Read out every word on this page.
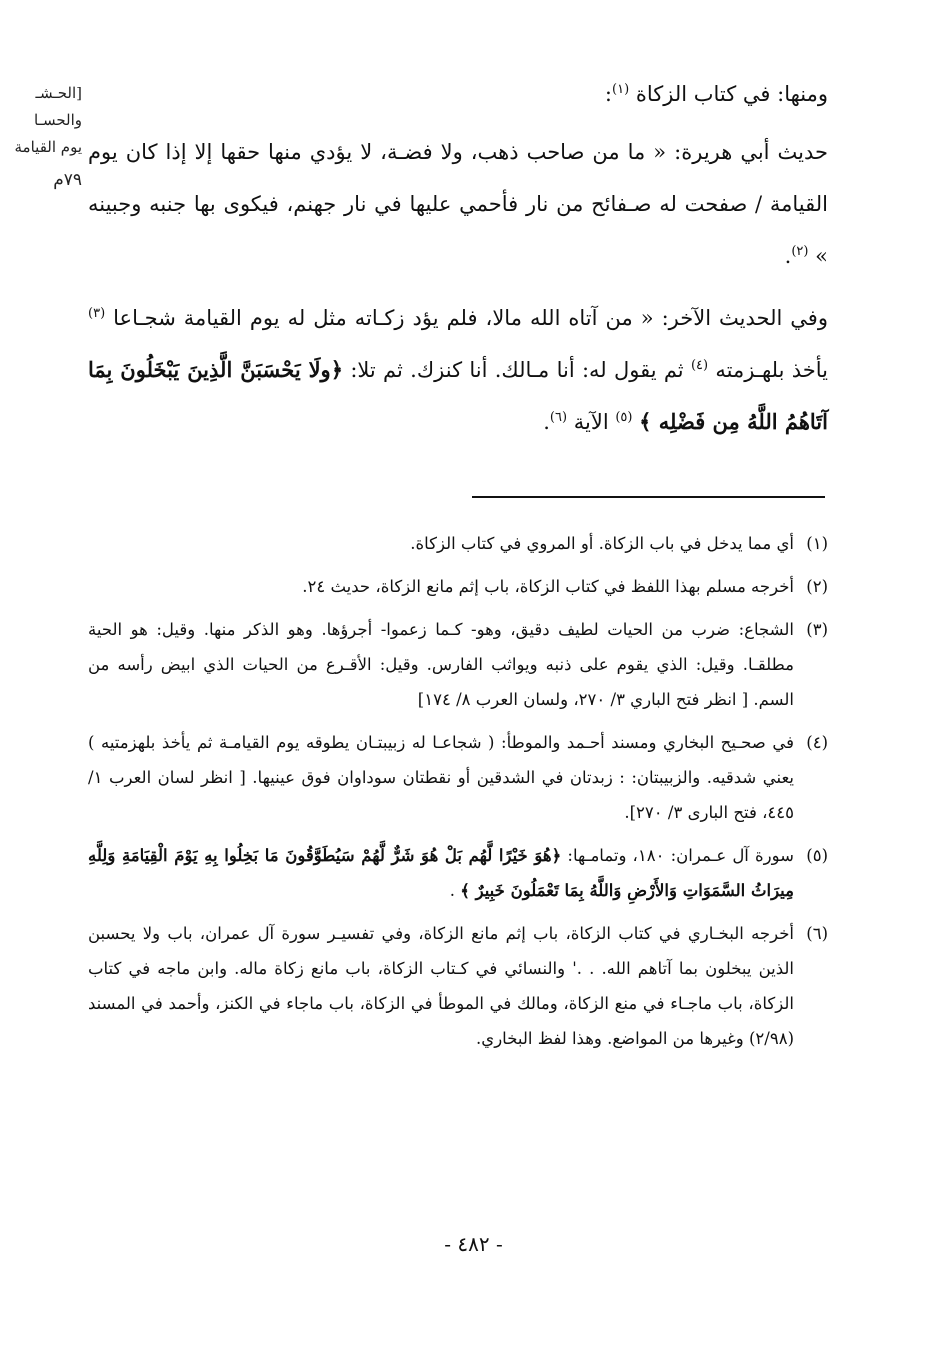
[الحـشـ
والحسـا
يوم القيامة
٧٩م

ومنها: في كتاب الزكاة $^{(١)}$:

حديث أبي هريرة: « ما من صاحب ذهب، ولا فضـة، لا يؤدي منها حقها إلا إذا كان يوم القيامة / صفحت له صـفائح من نار فأحمي عليها في نار جهنم، فيكوى بها جنبه وجبينه » $^{(٢)}$.

وفي الحديث الآخر: « من آتاه الله مالا، فلم يؤد زكـاته مثل له يوم القيامة شجـاعا $^{(٣)}$ يأخذ بلهـزمته $^{(٤)}$ ثم يقول له: أنا مـالك. أنا كنزك. ثم تلا: ﴿ولَا يَحْسَبَنَّ الَّذِينَ يَبْخَلُونَ بِمَا آتَاهُمُ اللَّهُ مِن فَضْلِه ﴾ $^{(٥)}$ الآية $^{(٦)}$.

(١)
أي مما يدخل في باب الزكاة. أو المروي في كتاب الزكاة.
(٢)
أخرجه مسلم بهذا اللفظ في كتاب الزكاة، باب إثم مانع الزكاة، حديث ٢٤.
(٣)
الشجاع: ضرب من الحيات لطيف دقيق، وهو- كـما زعموا- أجرؤها. وهو الذكر منها. وقيل: هو الحية مطلقـا. وقيل: الذي يقوم على ذنبه ويواثب الفارس. وقيل: الأقـرع من الحيات الذي ابيض رأسه من السم. [ انظر فتح الباري ٣/ ٢٧٠، ولسان العرب ٨/ ١٧٤]
(٤)
في صحـيح البخاري ومسند أحـمد والموطأ: ( شجاعـا له زبيبتـان يطوقه يوم القيامـة ثم يأخذ بلهزمتيه ) يعني شدقيه. والزبيبتان: : زبدتان في الشدقين أو نقطتان سوداوان فوق عينيها. [ انظر لسان العرب ١/ ٤٤٥، فتح البارى ٣/ ٢٧٠].
(٥)
سورة آل عـمران: ١٨٠، وتمامـها: ﴿هُوَ خَيْرًا لَّهُم بَلْ هُوَ شَرٌّ لَّهُمْ سَيُطَوَّقُونَ مَا بَخِلُوا بِهِ يَوْمَ الْقِيَامَةِ وَلِلَّهِ مِيرَاثُ السَّمَوَاتِ وَالأَرْضِ وَاللَّهُ بِمَا تَعْمَلُونَ خَبِيرٌ ﴾ .
(٦)
أخرجه البخـاري في كتاب الزكاة، باب إثم مانع الزكاة، وفي تفسيـر سورة آل عمران، باب ولا يحسبن الذين يبخلون بما آتاهم الله. . .' والنسائي في كـتاب الزكاة، باب مانع زكاة ماله. وابن ماجه في كتاب الزكاة، باب ماجـاء في منع الزكاة، ومالك في الموطأ في الزكاة، باب ماجاء في الكنز، وأحمد في المسند (٢/٩٨) وغيرها من المواضع. وهذا لفظ البخاري.
- ٤٨٢ -
